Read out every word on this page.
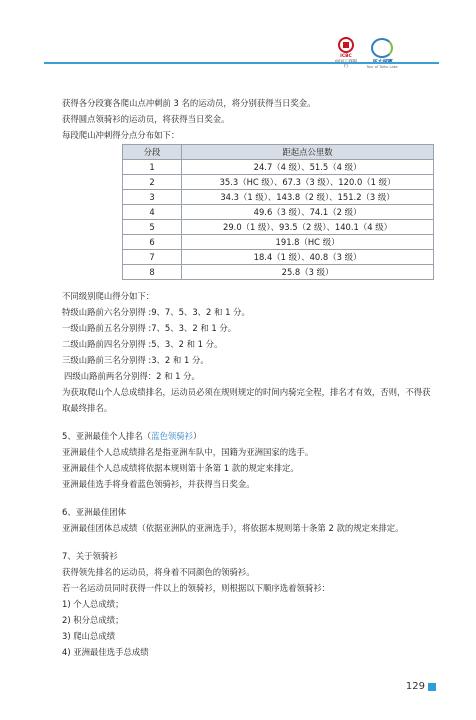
ICBC
行	Tour of Taihu Lake

获得各分段赛各爬山点冲刺前 3 名的运动员，将分别获得当日奖金。

获得圆点领骑衫的运动员，将获得当日奖金。

每段爬山冲刺得分点分布如下：

分段	距起点公里数
1	24.7（4 级）、51.5（4 级）
2	35.3（HC 级）、67.3（3 级）、120.0（1 级）
3	34.3（1 级）、143.8（2 级）、151.2（3 级）
4	49.6（3 级）、74.1（2 级）
5	29.0（1 级）、93.5（2 级）、140.1（4 级）
6	191.8（HC 级）
7	18.4（1 级）、40.8（3 级）
8	25.8（3 级）

不同级别爬山得分如下：

特级山路前六名分别得 :9、7、5、3、2 和 1 分。

一级山路前五名分别得 :7、5、3、2 和 1 分。

二级山路前四名分别得 :5、3、2 和 1 分。

三级山路前三名分别得 :3、2 和 1 分。

四级山路前两名分别得：2 和 1 分。

为获取爬山个人总成绩排名，运动员必须在规则规定的时间内骑完全程，排名才有效，否则，不得获取最终排名。

5、亚洲最佳个人排名（蓝色领骑衫）

亚洲最佳个人总成绩排名是指亚洲车队中，国籍为亚洲国家的选手。

亚洲最佳个人总成绩将依据本规则第十条第 1 款的规定来排定。

亚洲最佳选手将身着蓝色领骑衫，并获得当日奖金。

6、亚洲最佳团体

亚洲最佳团体总成绩（依据亚洲队的亚洲选手），将依据本规则第十条第 2 款的规定来排定。

7、关于领骑衫

获得领先排名的运动员，将身着不同颜色的领骑衫。

若一名运动员同时获得一件以上的领骑衫，则根据以下顺序选着领骑衫：

1) 个人总成绩；

2) 积分总成绩；

3) 爬山总成绩

4) 亚洲最佳选手总成绩

129
